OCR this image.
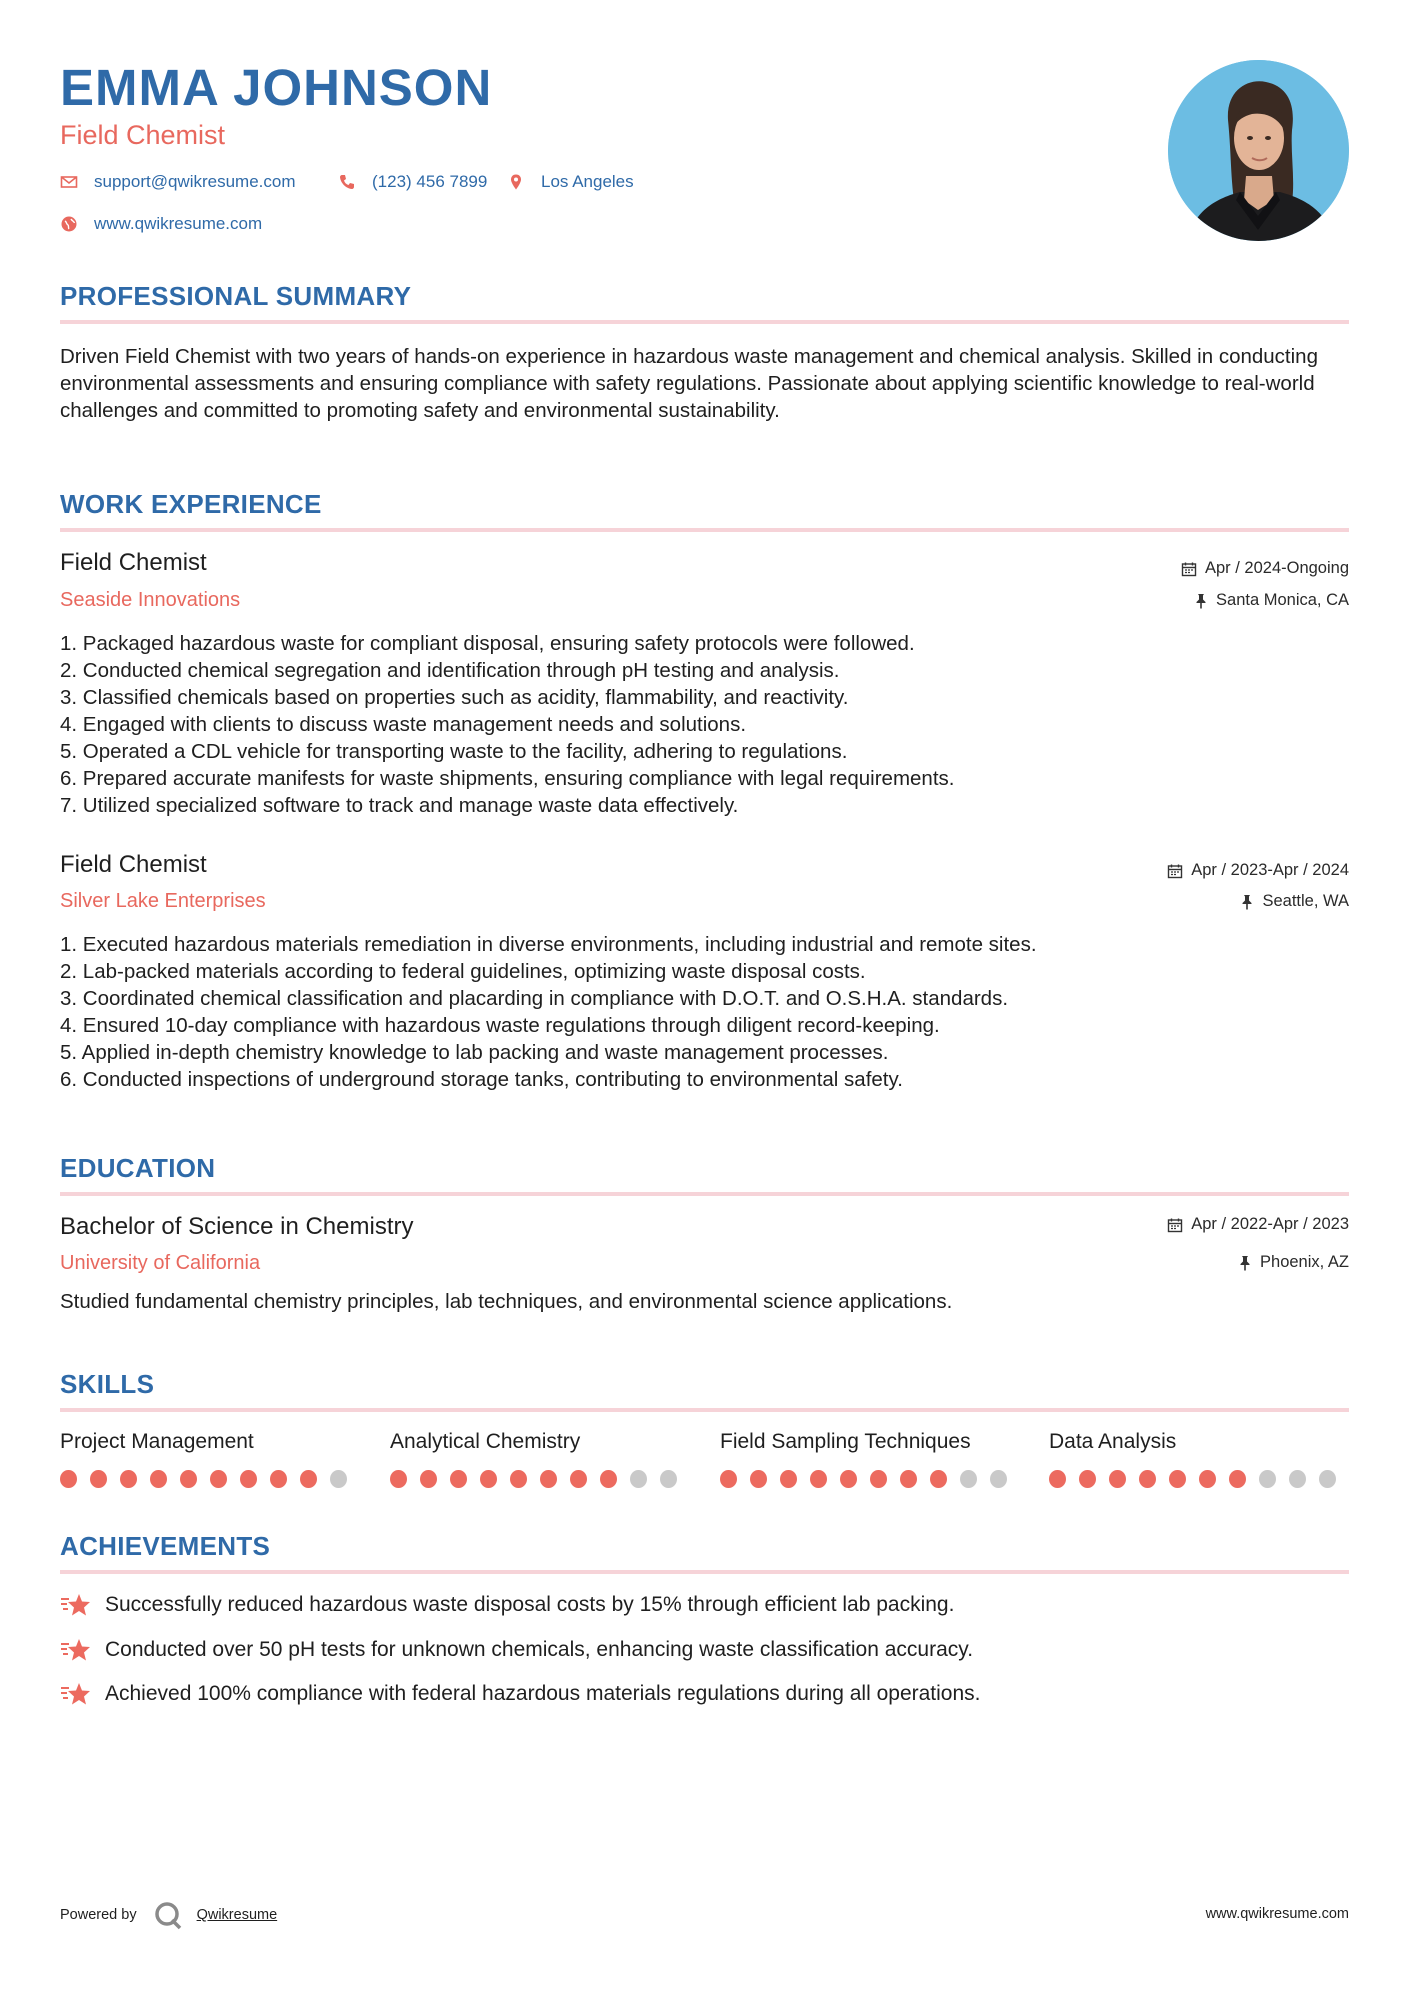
EMMA JOHNSON
Field Chemist
support@qwikresume.com	(123) 456 7899	Los Angeles
www.qwikresume.com
PROFESSIONAL SUMMARY
Driven Field Chemist with two years of hands-on experience in hazardous waste management and chemical analysis. Skilled in conducting environmental assessments and ensuring compliance with safety regulations. Passionate about applying scientific knowledge to real-world challenges and committed to promoting safety and environmental sustainability.
WORK EXPERIENCE
Field Chemist
Seaside Innovations
Apr / 2024-Ongoing
Santa Monica, CA
1. Packaged hazardous waste for compliant disposal, ensuring safety protocols were followed.
2. Conducted chemical segregation and identification through pH testing and analysis.
3. Classified chemicals based on properties such as acidity, flammability, and reactivity.
4. Engaged with clients to discuss waste management needs and solutions.
5. Operated a CDL vehicle for transporting waste to the facility, adhering to regulations.
6. Prepared accurate manifests for waste shipments, ensuring compliance with legal requirements.
7. Utilized specialized software to track and manage waste data effectively.
Field Chemist
Silver Lake Enterprises
Apr / 2023-Apr / 2024
Seattle, WA
1. Executed hazardous materials remediation in diverse environments, including industrial and remote sites.
2. Lab-packed materials according to federal guidelines, optimizing waste disposal costs.
3. Coordinated chemical classification and placarding in compliance with D.O.T. and O.S.H.A. standards.
4. Ensured 10-day compliance with hazardous waste regulations through diligent record-keeping.
5. Applied in-depth chemistry knowledge to lab packing and waste management processes.
6. Conducted inspections of underground storage tanks, contributing to environmental safety.
EDUCATION
Bachelor of Science in Chemistry
University of California
Apr / 2022-Apr / 2023
Phoenix, AZ
Studied fundamental chemistry principles, lab techniques, and environmental science applications.
SKILLS
Project Management	Analytical Chemistry	Field Sampling Techniques	Data Analysis
ACHIEVEMENTS
Successfully reduced hazardous waste disposal costs by 15% through efficient lab packing.
Conducted over 50 pH tests for unknown chemicals, enhancing waste classification accuracy.
Achieved 100% compliance with federal hazardous materials regulations during all operations.
Powered by	Qwikresume	www.qwikresume.com
